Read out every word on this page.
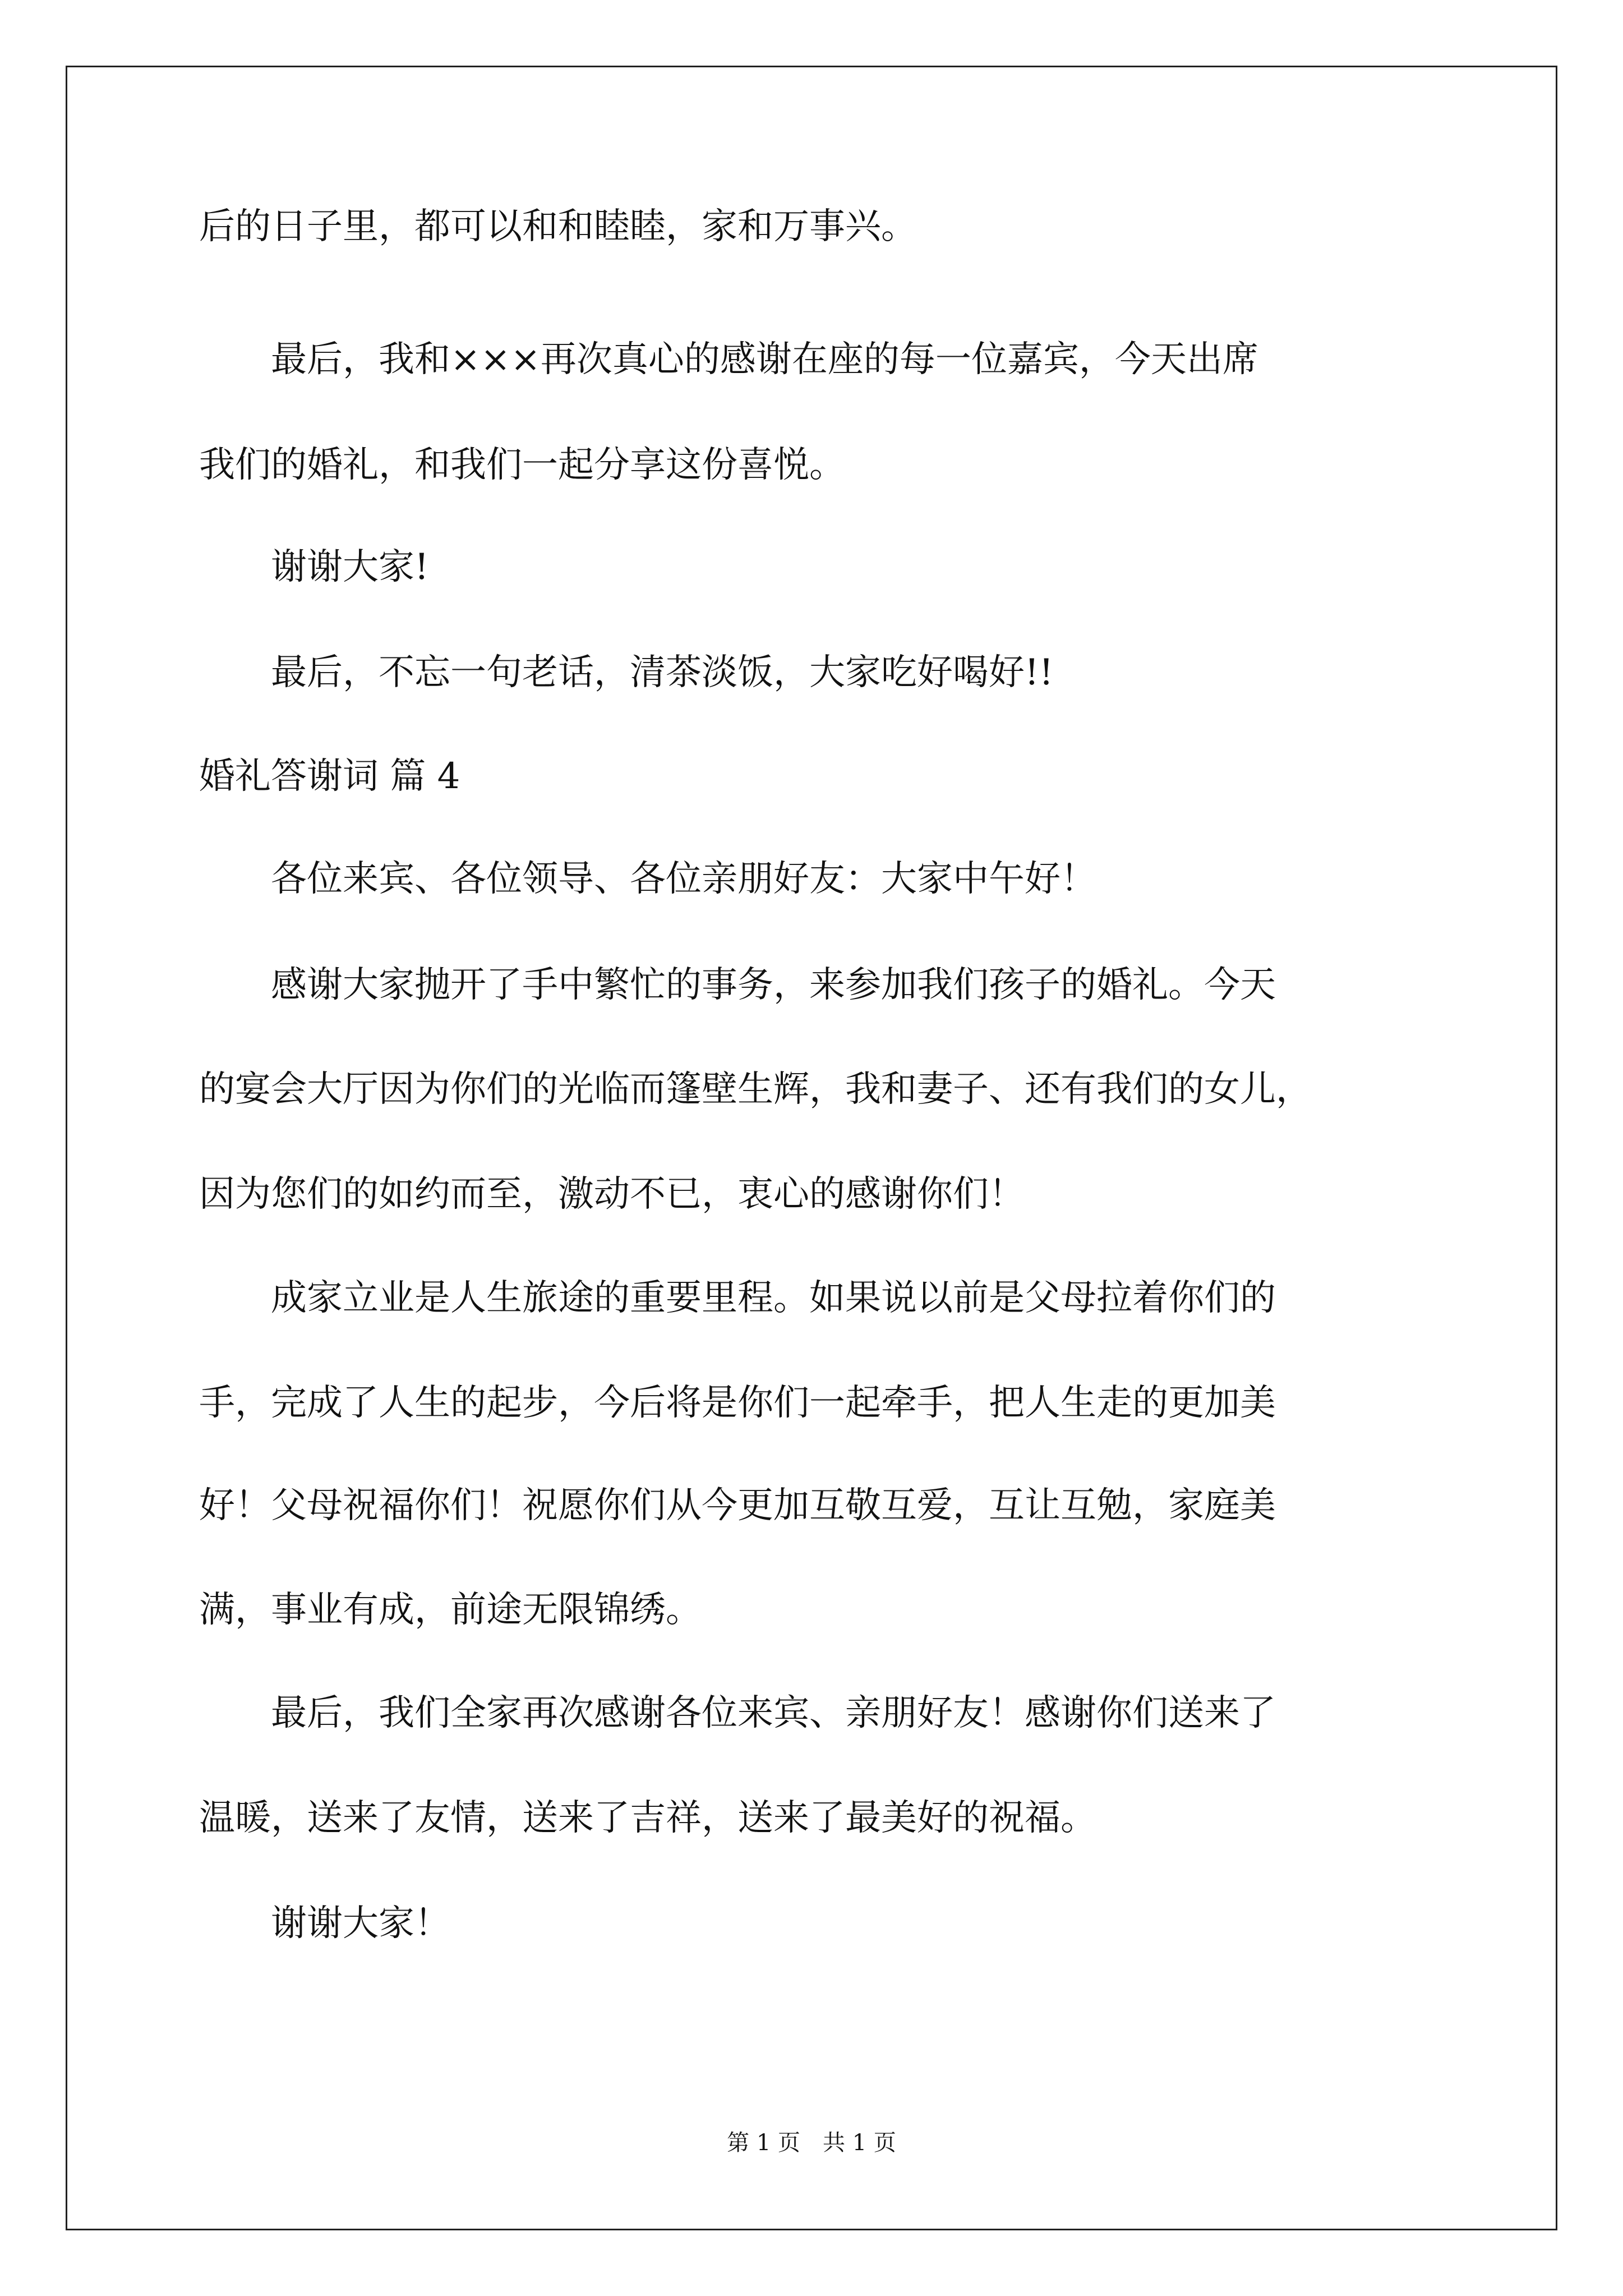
后的日子里，都可以和和睦睦，家和万事兴。
　　最后，我和×××再次真心的感谢在座的每一位嘉宾，今天出席
我们的婚礼，和我们一起分享这份喜悦。
　　谢谢大家!
　　最后，不忘一句老话，清茶淡饭，大家吃好喝好!!
婚礼答谢词 篇 4
　　各位来宾、各位领导、各位亲朋好友：大家中午好！
　　感谢大家抛开了手中繁忙的事务，来参加我们孩子的婚礼。今天
的宴会大厅因为你们的光临而篷壁生辉，我和妻子、还有我们的女儿，
因为您们的如约而至，激动不已，衷心的感谢你们！
　　成家立业是人生旅途的重要里程。如果说以前是父母拉着你们的
手，完成了人生的起步，今后将是你们一起牵手，把人生走的更加美
好！父母祝福你们！祝愿你们从今更加互敬互爱，互让互勉，家庭美
满，事业有成，前途无限锦绣。
　　最后，我们全家再次感谢各位来宾、亲朋好友！感谢你们送来了
温暖，送来了友情，送来了吉祥，送来了最美好的祝福。
　　谢谢大家！
第 1 页　共 1 页
